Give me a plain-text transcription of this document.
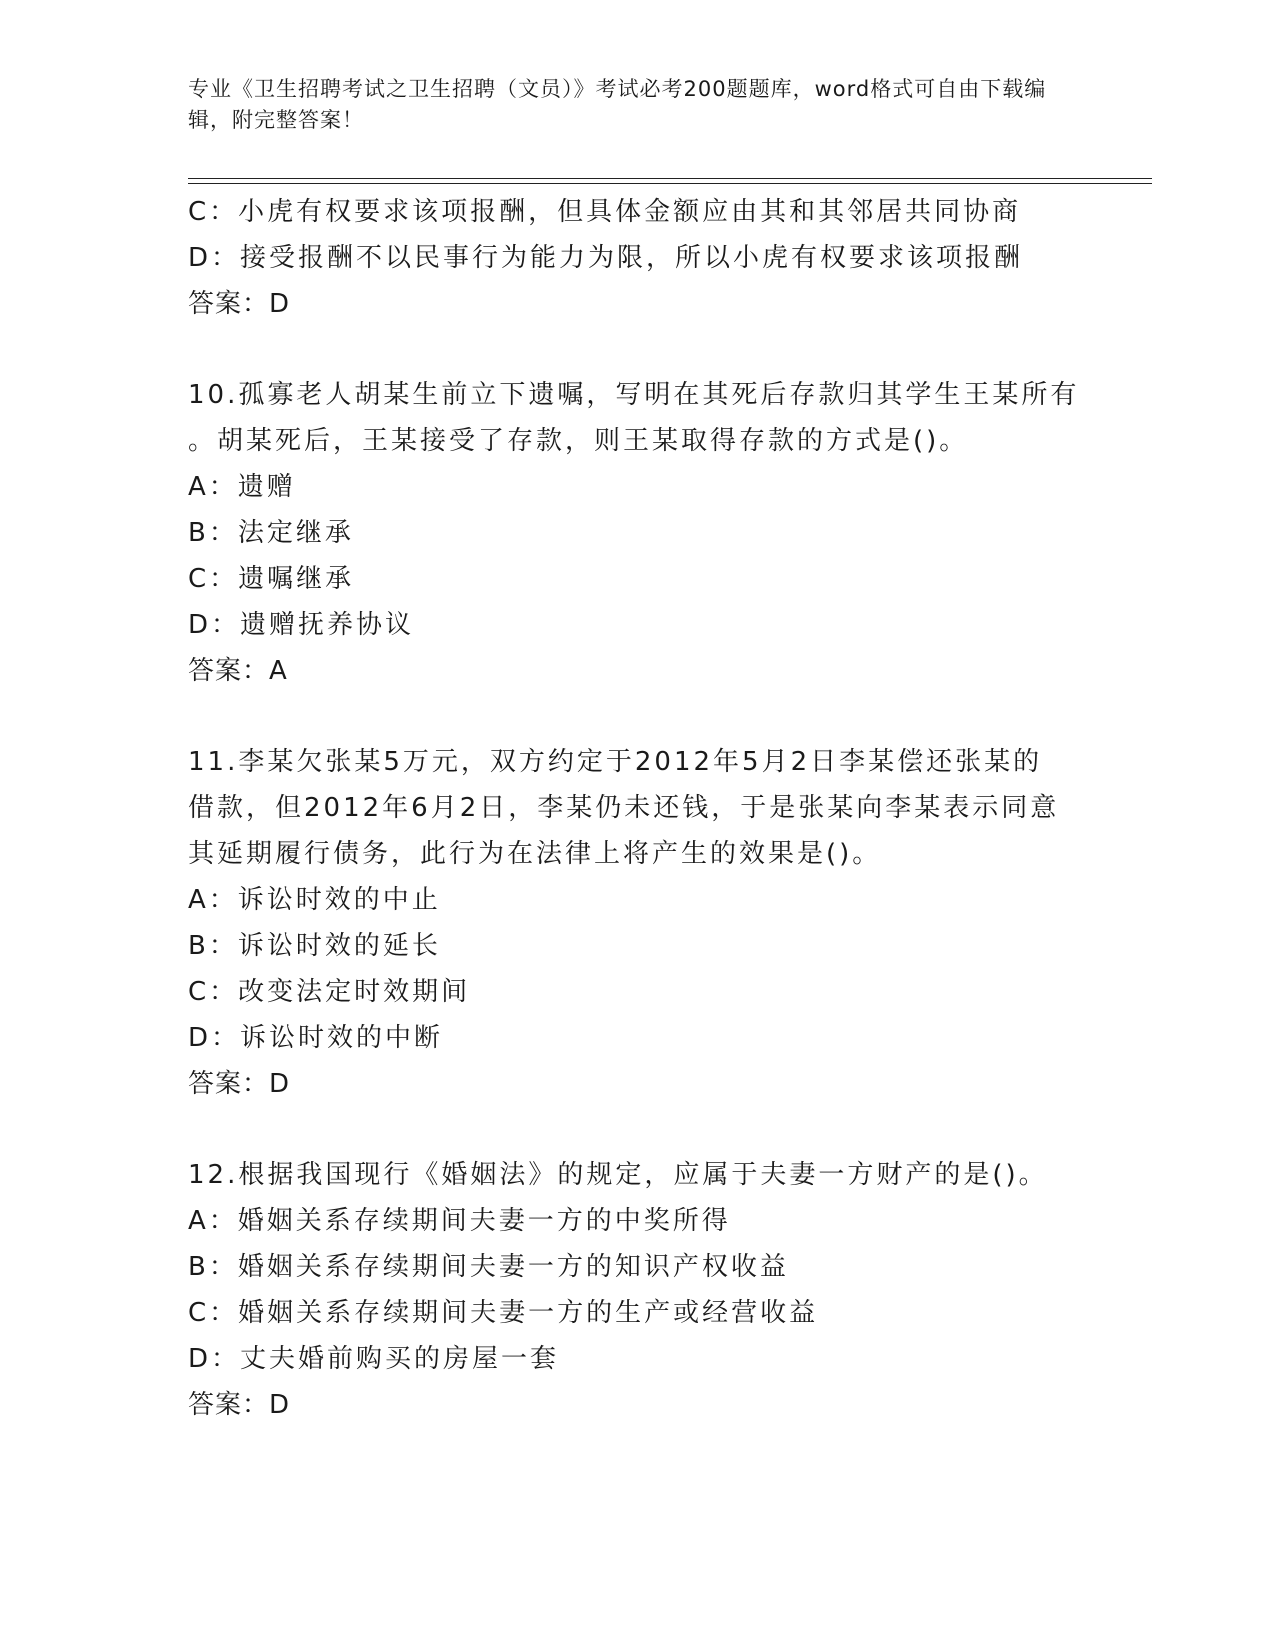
专业《卫生招聘考试之卫生招聘（文员）》考试必考200题题库，word格式可自由下载编辑，附完整答案！
C：小虎有权要求该项报酬，但具体金额应由其和其邻居共同协商
D：接受报酬不以民事行为能力为限，所以小虎有权要求该项报酬
答案：D
10.孤寡老人胡某生前立下遗嘱，写明在其死后存款归其学生王某所有
。胡某死后，王某接受了存款，则王某取得存款的方式是()。
A：遗赠
B：法定继承
C：遗嘱继承
D：遗赠抚养协议
答案：A
11.李某欠张某5万元，双方约定于2012年5月2日李某偿还张某的
借款，但2012年6月2日，李某仍未还钱，于是张某向李某表示同意
其延期履行债务，此行为在法律上将产生的效果是()。
A：诉讼时效的中止
B：诉讼时效的延长
C：改变法定时效期间
D：诉讼时效的中断
答案：D
12.根据我国现行《婚姻法》的规定，应属于夫妻一方财产的是()。
A：婚姻关系存续期间夫妻一方的中奖所得
B：婚姻关系存续期间夫妻一方的知识产权收益
C：婚姻关系存续期间夫妻一方的生产或经营收益
D：丈夫婚前购买的房屋一套
答案：D
